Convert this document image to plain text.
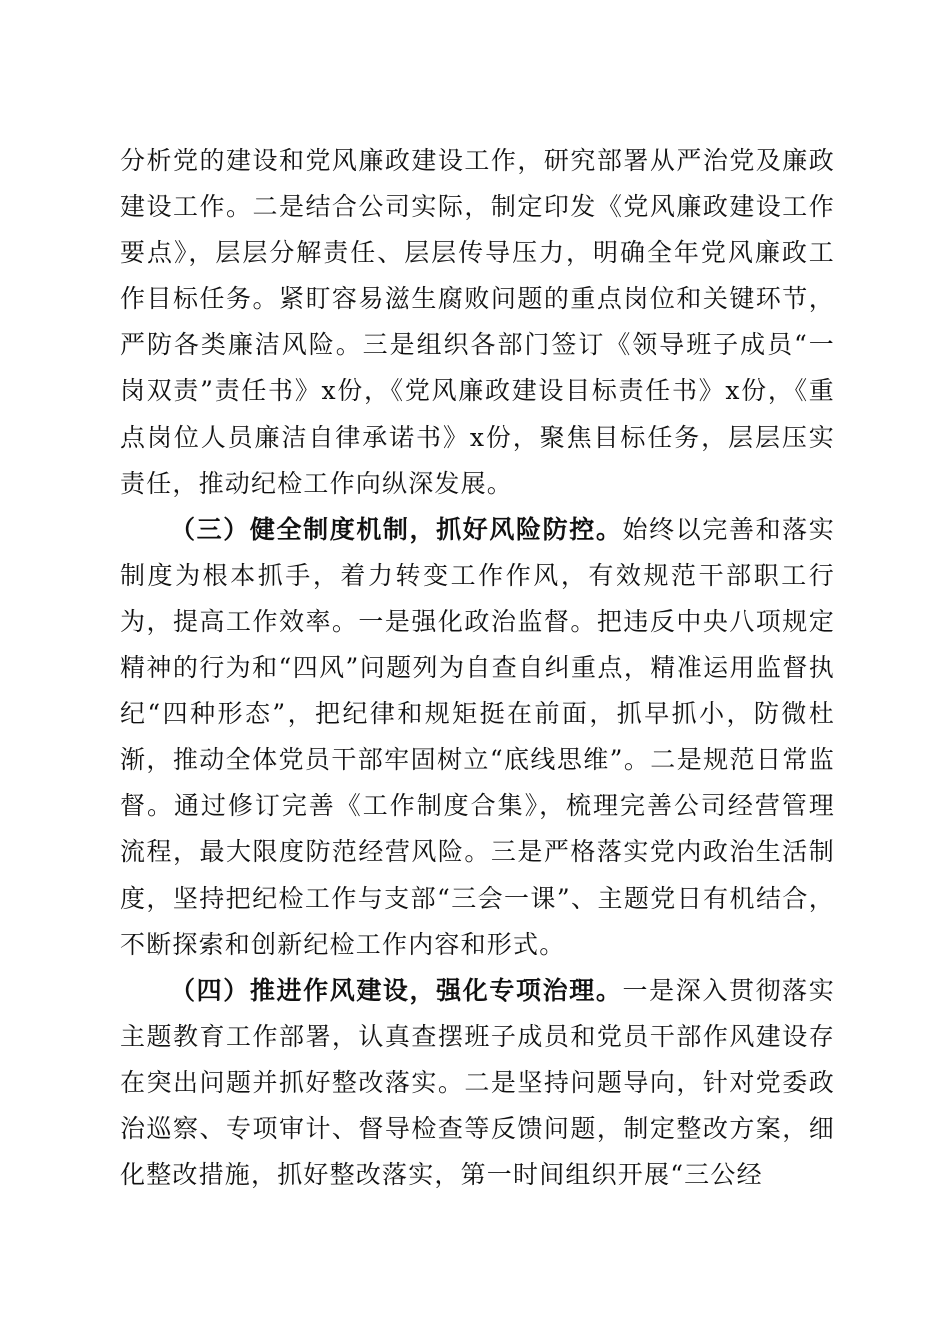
分析党的建设和党风廉政建设工作，研究部署从严治党及廉政建设工作。二是结合公司实际，制定印发《党风廉政建设工作要点》，层层分解责任、层层传导压力，明确全年党风廉政工作目标任务。紧盯容易滋生腐败问题的重点岗位和关键环节，严防各类廉洁风险。三是组织各部门签订《领导班子成员“一岗双责”责任书》x份，《党风廉政建设目标责任书》x份，《重点岗位人员廉洁自律承诺书》x份，聚焦目标任务，层层压实责任，推动纪检工作向纵深发展。

（三）健全制度机制，抓好风险防控。始终以完善和落实制度为根本抓手，着力转变工作作风，有效规范干部职工行为，提高工作效率。一是强化政治监督。把违反中央八项规定精神的行为和“四风”问题列为自查自纠重点，精准运用监督执纪“四种形态”，把纪律和规矩挺在前面，抓早抓小，防微杜渐，推动全体党员干部牢固树立“底线思维”。二是规范日常监督。通过修订完善《工作制度合集》，梳理完善公司经营管理流程，最大限度防范经营风险。三是严格落实党内政治生活制度，坚持把纪检工作与支部“三会一课”、主题党日有机结合，不断探索和创新纪检工作内容和形式。

（四）推进作风建设，强化专项治理。一是深入贯彻落实主题教育工作部署，认真查摆班子成员和党员干部作风建设存在突出问题并抓好整改落实。二是坚持问题导向，针对党委政治巡察、专项审计、督导检查等反馈问题，制定整改方案，细化整改措施，抓好整改落实，第一时间组织开展“三公经
